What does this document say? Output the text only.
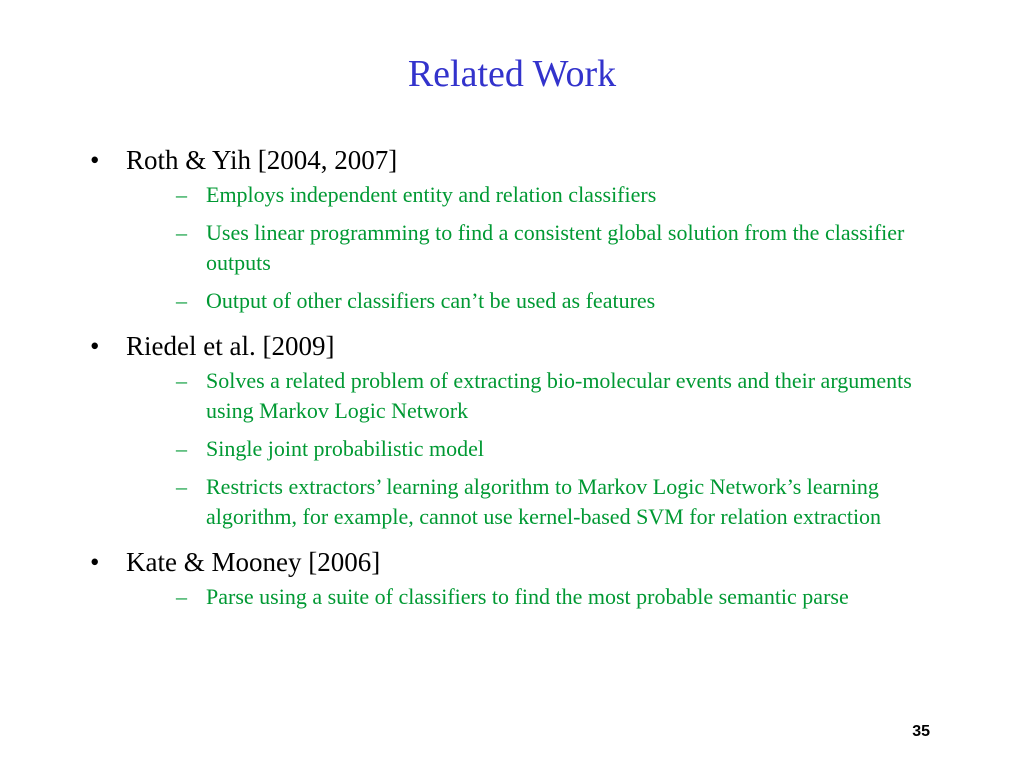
Related Work
• Roth & Yih [2004, 2007]
– Employs independent entity and relation classifiers
– Uses linear programming to find a consistent global solution from the classifier outputs
– Output of other classifiers can’t be used as features
• Riedel et al. [2009]
– Solves a related problem of extracting bio-molecular events and their arguments using Markov Logic Network
– Single joint probabilistic model
– Restricts extractors’ learning algorithm to Markov Logic Network’s learning algorithm, for example, cannot use kernel-based SVM for relation extraction
• Kate & Mooney [2006]
– Parse using a suite of classifiers to find the most probable semantic parse
35
